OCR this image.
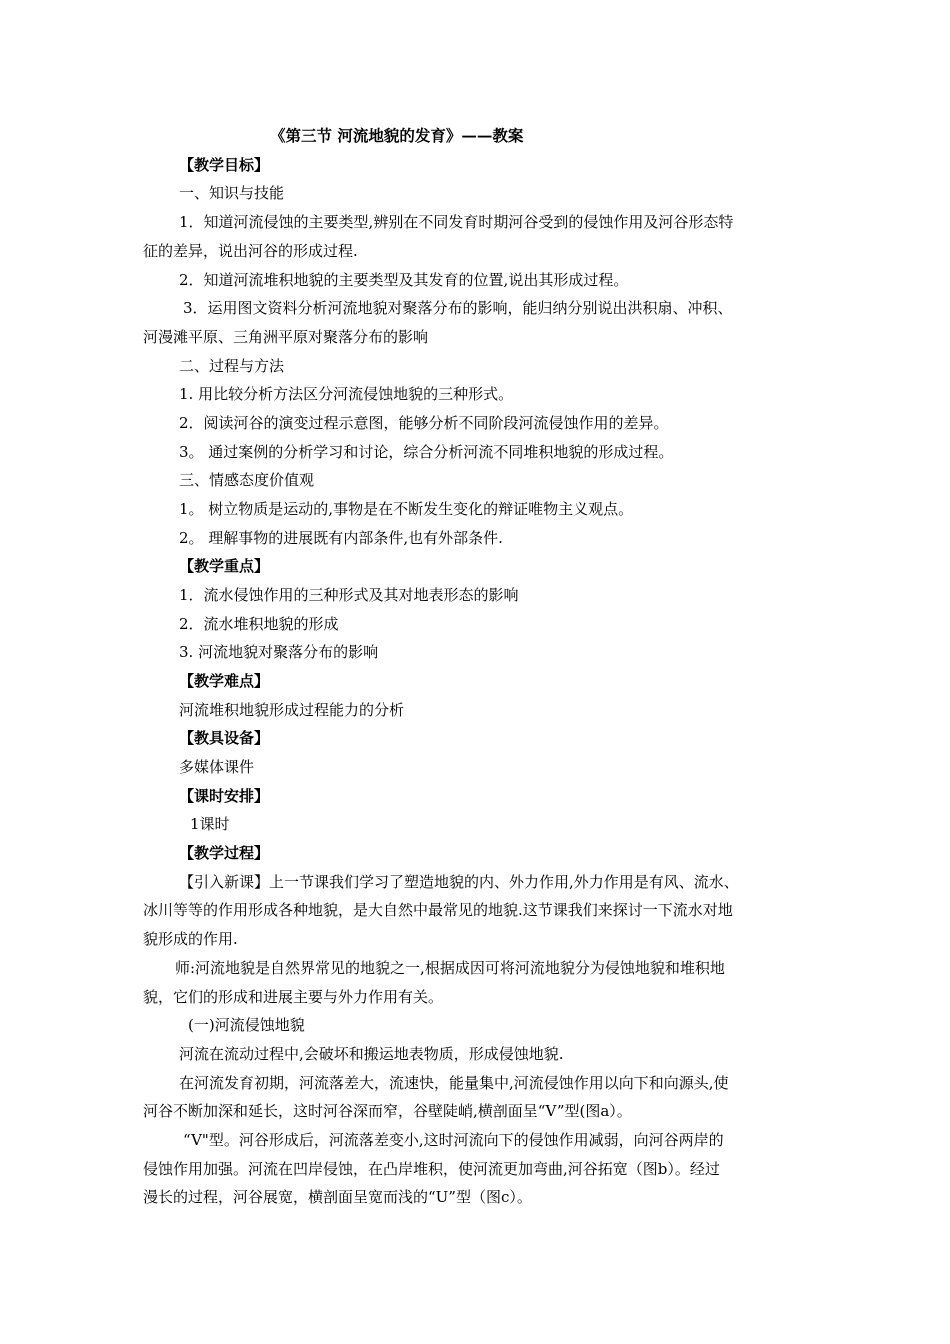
《第三节 河流地貌的发育》——教案
【教学目标】
一、知识与技能
1．知道河流侵蚀的主要类型,辨别在不同发育时期河谷受到的侵蚀作用及河谷形态特
征的差异，说出河谷的形成过程.
2．知道河流堆积地貌的主要类型及其发育的位置,说出其形成过程。
3．运用图文资料分析河流地貌对聚落分布的影响，能归纳分别说出洪积扇、冲积、
河漫滩平原、三角洲平原对聚落分布的影响
二、过程与方法
1. 用比较分析方法区分河流侵蚀地貌的三种形式。
2．阅读河谷的演变过程示意图，能够分析不同阶段河流侵蚀作用的差异。
3。 通过案例的分析学习和讨论，综合分析河流不同堆积地貌的形成过程。
三、情感态度价值观
1。 树立物质是运动的,事物是在不断发生变化的辩证唯物主义观点。
2。 理解事物的进展既有内部条件,也有外部条件.
【教学重点】
1．流水侵蚀作用的三种形式及其对地表形态的影响
2．流水堆积地貌的形成
3. 河流地貌对聚落分布的影响
【教学难点】
河流堆积地貌形成过程能力的分析
【教具设备】
多媒体课件
【课时安排】
1课时
【教学过程】
【引入新课】上一节课我们学习了塑造地貌的内、外力作用,外力作用是有风、流水、
冰川等等的作用形成各种地貌，是大自然中最常见的地貌.这节课我们来探讨一下流水对地
貌形成的作用.
师:河流地貌是自然界常见的地貌之一,根据成因可将河流地貌分为侵蚀地貌和堆积地
貌，它们的形成和进展主要与外力作用有关。
(一)河流侵蚀地貌
河流在流动过程中,会破坏和搬运地表物质，形成侵蚀地貌.
在河流发育初期，河流落差大，流速快，能量集中,河流侵蚀作用以向下和向源头,使
河谷不断加深和延长，这时河谷深而窄，谷壁陡峭,横剖面呈“V”型(图a）。
“V"型。河谷形成后，河流落差变小,这时河流向下的侵蚀作用减弱，向河谷两岸的
侵蚀作用加强。河流在凹岸侵蚀，在凸岸堆积，使河流更加弯曲,河谷拓宽（图b）。经过
漫长的过程，河谷展宽，横剖面呈宽而浅的“U”型（图c）。
